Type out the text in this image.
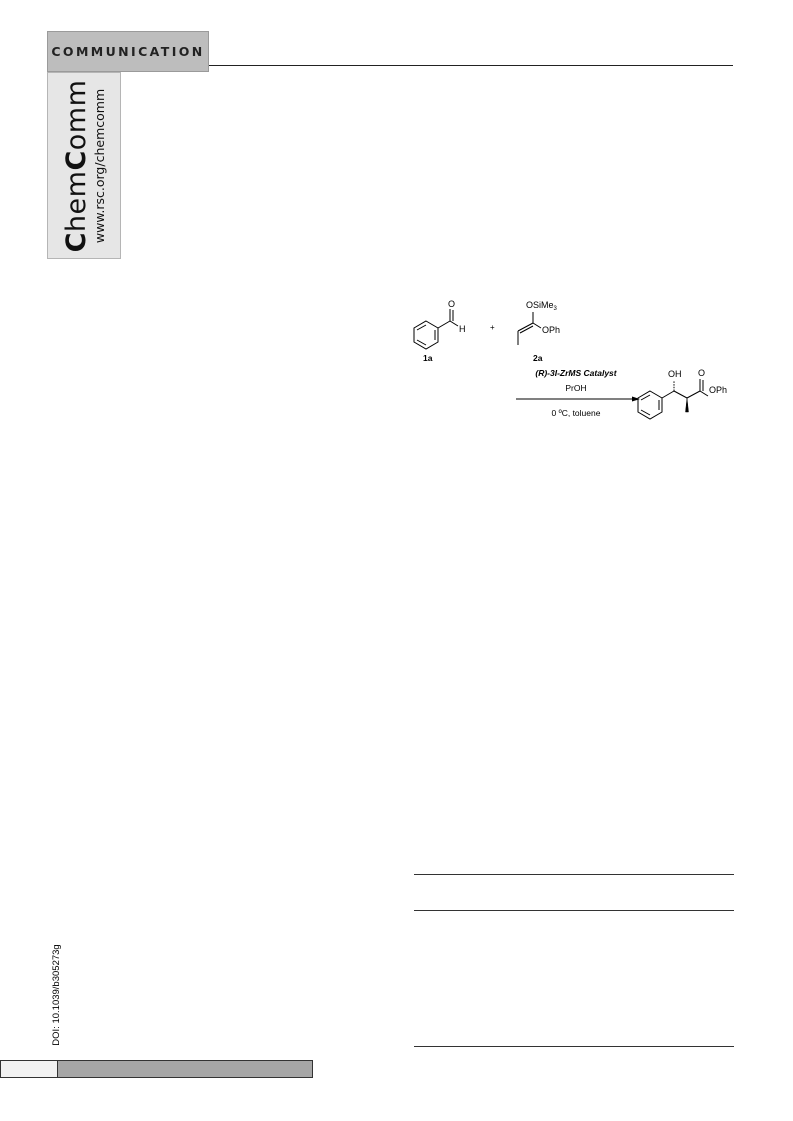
COMMUNICATION
ChemComm www.rsc.org/chemcomm
DOI: 10.1039/b305273g
O
H
1a
+
OSiMe$_3$
OPh
2a
(R)-3I-ZrMS Catalyst
PrOH
0 ºC, toluene
OH O
OPh
